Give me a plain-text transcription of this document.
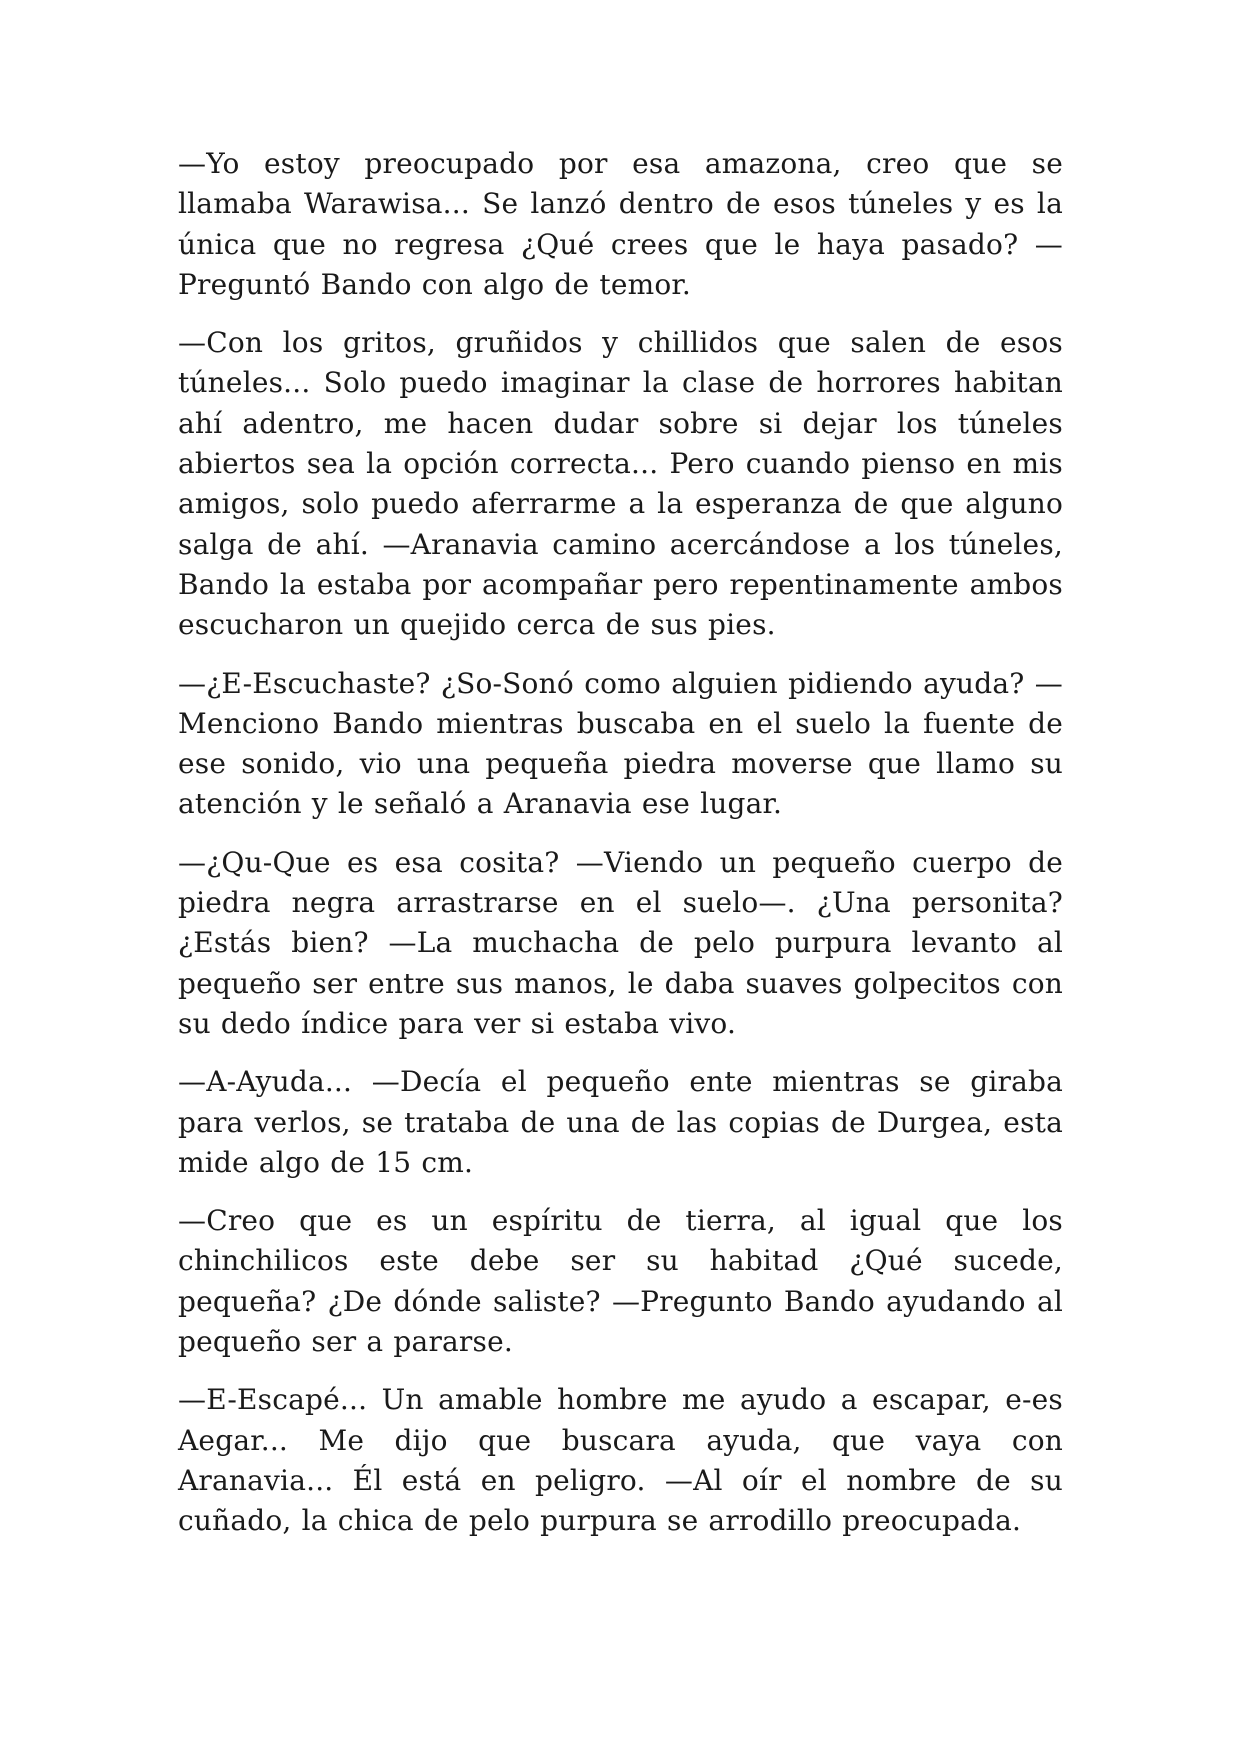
—Yo estoy preocupado por esa amazona, creo que se llamaba Warawisa... Se lanzó dentro de esos túneles y es la única que no regresa ¿Qué crees que le haya pasado? —Preguntó Bando con algo de temor.

—Con los gritos, gruñidos y chillidos que salen de esos túneles... Solo puedo imaginar la clase de horrores habitan ahí adentro, me hacen dudar sobre si dejar los túneles abiertos sea la opción correcta... Pero cuando pienso en mis amigos, solo puedo aferrarme a la esperanza de que alguno salga de ahí. —Aranavia camino acercándose a los túneles, Bando la estaba por acompañar pero repentinamente ambos escucharon un quejido cerca de sus pies.

—¿E-Escuchaste? ¿So-Sonó como alguien pidiendo ayuda? —Menciono Bando mientras buscaba en el suelo la fuente de ese sonido, vio una pequeña piedra moverse que llamo su atención y le señaló a Aranavia ese lugar.

—¿Qu-Que es esa cosita? —Viendo un pequeño cuerpo de piedra negra arrastrarse en el suelo—. ¿Una personita? ¿Estás bien? —La muchacha de pelo purpura levanto al pequeño ser entre sus manos, le daba suaves golpecitos con su dedo índice para ver si estaba vivo.

—A-Ayuda... —Decía el pequeño ente mientras se giraba para verlos, se trataba de una de las copias de Durgea, esta mide algo de 15 cm.

—Creo que es un espíritu de tierra, al igual que los chinchilicos este debe ser su habitad ¿Qué sucede, pequeña? ¿De dónde saliste? —Pregunto Bando ayudando al pequeño ser a pararse.

—E-Escapé... Un amable hombre me ayudo a escapar, e-es Aegar... Me dijo que buscara ayuda, que vaya con Aranavia... Él está en peligro. —Al oír el nombre de su cuñado, la chica de pelo purpura se arrodillo preocupada.
